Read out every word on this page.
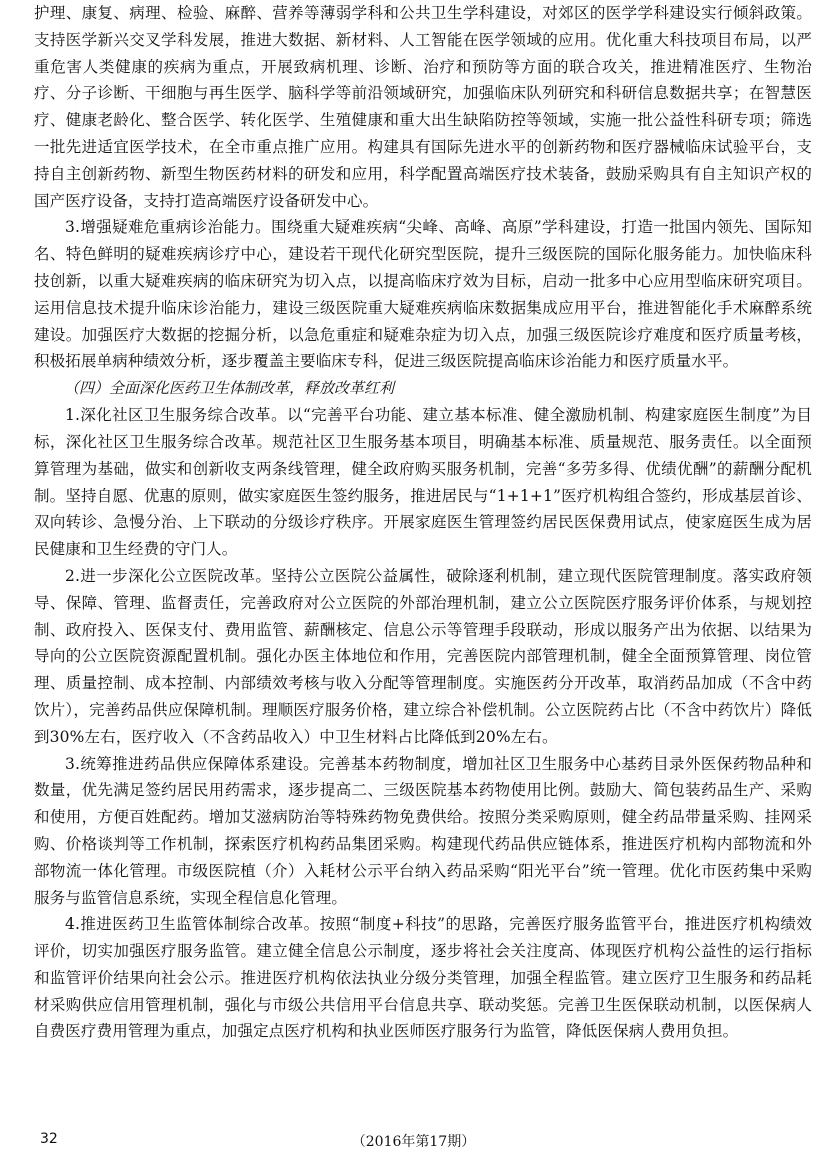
护理、康复、病理、检验、麻醉、营养等薄弱学科和公共卫生学科建设，对郊区的医学学科建设实行倾斜政策。支持医学新兴交叉学科发展，推进大数据、新材料、人工智能在医学领域的应用。优化重大科技项目布局，以严重危害人类健康的疾病为重点，开展致病机理、诊断、治疗和预防等方面的联合攻关，推进精准医疗、生物治疗、分子诊断、干细胞与再生医学、脑科学等前沿领域研究，加强临床队列研究和科研信息数据共享；在智慧医疗、健康老龄化、整合医学、转化医学、生殖健康和重大出生缺陷防控等领域，实施一批公益性科研专项；筛选一批先进适宜医学技术，在全市重点推广应用。构建具有国际先进水平的创新药物和医疗器械临床试验平台，支持自主创新药物、新型生物医药材料的研发和应用，科学配置高端医疗技术装备，鼓励采购具有自主知识产权的国产医疗设备，支持打造高端医疗设备研发中心。

3.增强疑难危重病诊治能力。围绕重大疑难疾病“尖峰、高峰、高原”学科建设，打造一批国内领先、国际知名、特色鲜明的疑难疾病诊疗中心，建设若干现代化研究型医院，提升三级医院的国际化服务能力。加快临床科技创新，以重大疑难疾病的临床研究为切入点，以提高临床疗效为目标，启动一批多中心应用型临床研究项目。运用信息技术提升临床诊治能力，建设三级医院重大疑难疾病临床数据集成应用平台，推进智能化手术麻醉系统建设。加强医疗大数据的挖掘分析，以急危重症和疑难杂症为切入点，加强三级医院诊疗难度和医疗质量考核，积极拓展单病种绩效分析，逐步覆盖主要临床专科，促进三级医院提高临床诊治能力和医疗质量水平。

（四）全面深化医药卫生体制改革，释放改革红利

1.深化社区卫生服务综合改革。以“完善平台功能、建立基本标准、健全激励机制、构建家庭医生制度”为目标，深化社区卫生服务综合改革。规范社区卫生服务基本项目，明确基本标准、质量规范、服务责任。以全面预算管理为基础，做实和创新收支两条线管理，健全政府购买服务机制，完善“多劳多得、优绩优酬”的薪酬分配机制。坚持自愿、优惠的原则，做实家庭医生签约服务，推进居民与“1+1+1”医疗机构组合签约，形成基层首诊、双向转诊、急慢分治、上下联动的分级诊疗秩序。开展家庭医生管理签约居民医保费用试点，使家庭医生成为居民健康和卫生经费的守门人。

2.进一步深化公立医院改革。坚持公立医院公益属性，破除逐利机制，建立现代医院管理制度。落实政府领导、保障、管理、监督责任，完善政府对公立医院的外部治理机制，建立公立医院医疗服务评价体系，与规划控制、政府投入、医保支付、费用监管、薪酬核定、信息公示等管理手段联动，形成以服务产出为依据、以结果为导向的公立医院资源配置机制。强化办医主体地位和作用，完善医院内部管理机制，健全全面预算管理、岗位管理、质量控制、成本控制、内部绩效考核与收入分配等管理制度。实施医药分开改革，取消药品加成（不含中药饮片），完善药品供应保障机制。理顺医疗服务价格，建立综合补偿机制。公立医院药占比（不含中药饮片）降低到30%左右，医疗收入（不含药品收入）中卫生材料占比降低到20%左右。

3.统筹推进药品供应保障体系建设。完善基本药物制度，增加社区卫生服务中心基药目录外医保药物品种和数量，优先满足签约居民用药需求，逐步提高二、三级医院基本药物使用比例。鼓励大、简包装药品生产、采购和使用，方便百姓配药。增加艾滋病防治等特殊药物免费供给。按照分类采购原则，健全药品带量采购、挂网采购、价格谈判等工作机制，探索医疗机构药品集团采购。构建现代药品供应链体系，推进医疗机构内部物流和外部物流一体化管理。市级医院植（介）入耗材公示平台纳入药品采购“阳光平台”统一管理。优化市医药集中采购服务与监管信息系统，实现全程信息化管理。

4.推进医药卫生监管体制综合改革。按照“制度+科技”的思路，完善医疗服务监管平台，推进医疗机构绩效评价，切实加强医疗服务监管。建立健全信息公示制度，逐步将社会关注度高、体现医疗机构公益性的运行指标和监管评价结果向社会公示。推进医疗机构依法执业分级分类管理，加强全程监管。建立医疗卫生服务和药品耗材采购供应信用管理机制，强化与市级公共信用平台信息共享、联动奖惩。完善卫生医保联动机制，以医保病人自费医疗费用管理为重点，加强定点医疗机构和执业医师医疗服务行为监管，降低医保病人费用负担。

32	（2016年第17期）
